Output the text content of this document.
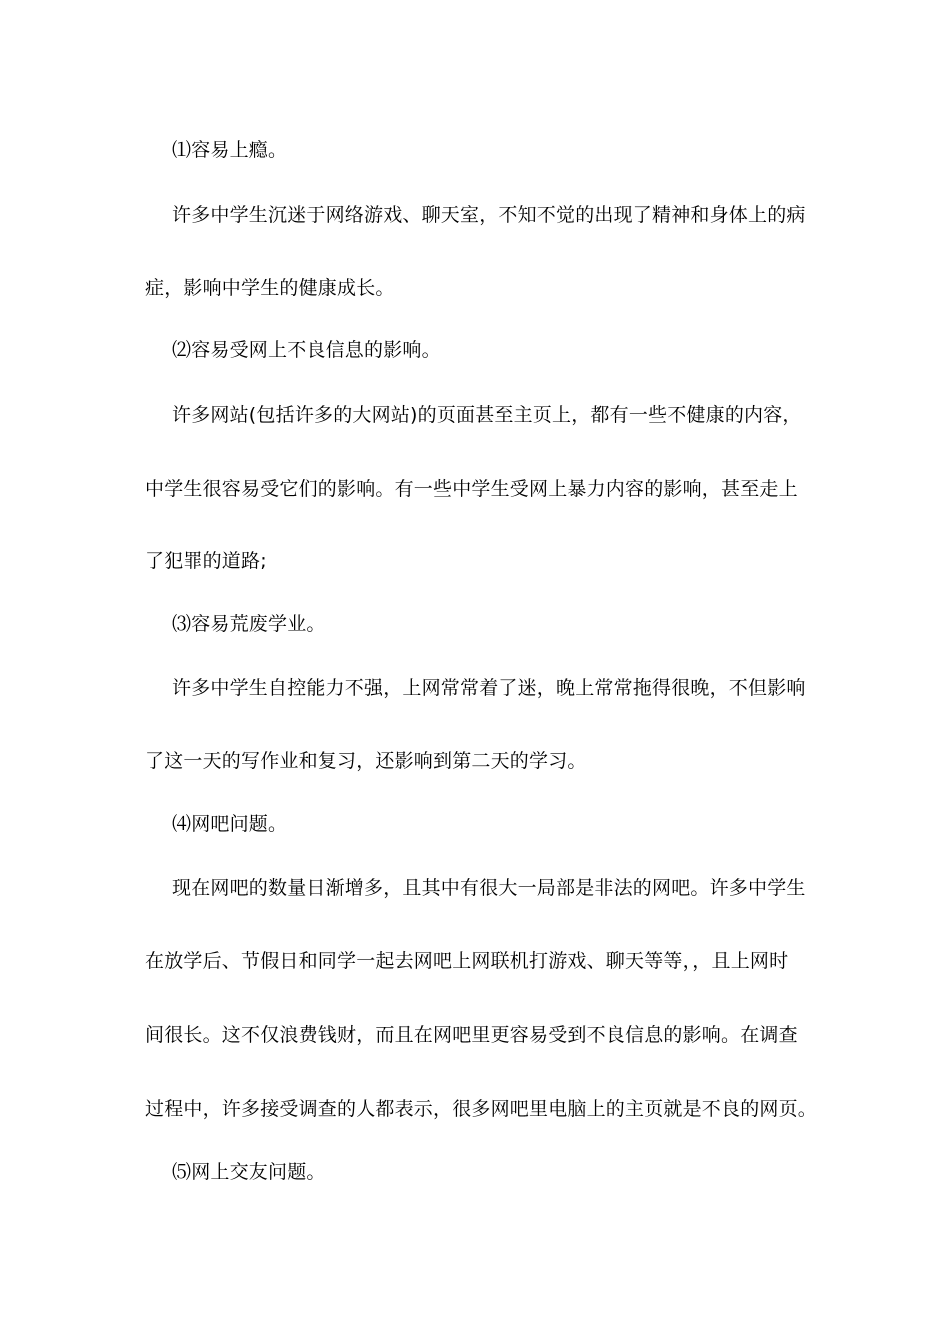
⑴容易上瘾。
许多中学生沉迷于网络游戏、聊天室，不知不觉的出现了精神和身体上的病
症，影响中学生的健康成长。
⑵容易受网上不良信息的影响。
许多网站(包括许多的大网站)的页面甚至主页上，都有一些不健康的内容，
中学生很容易受它们的影响。有一些中学生受网上暴力内容的影响，甚至走上
了犯罪的道路;
⑶容易荒废学业。
许多中学生自控能力不强，上网常常着了迷，晚上常常拖得很晚，不但影响
了这一天的写作业和复习，还影响到第二天的学习。
⑷网吧问题。
现在网吧的数量日渐增多，且其中有很大一局部是非法的网吧。许多中学生
在放学后、节假日和同学一起去网吧上网联机打游戏、聊天等等，，且上网时
间很长。这不仅浪费钱财，而且在网吧里更容易受到不良信息的影响。在调查
过程中，许多接受调查的人都表示，很多网吧里电脑上的主页就是不良的网页。
⑸网上交友问题。
